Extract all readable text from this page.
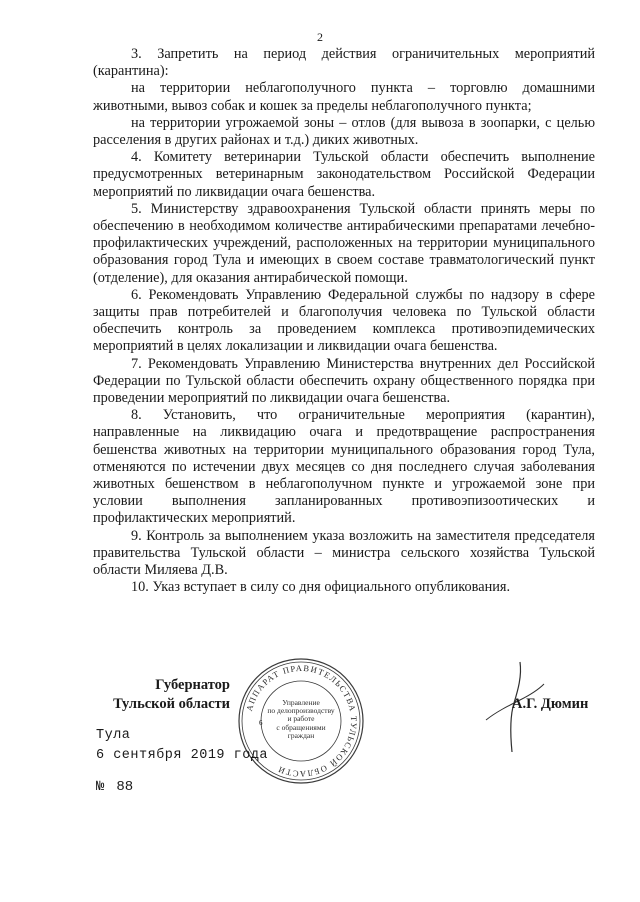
2

3. Запретить на период действия ограничительных мероприятий (карантина):

на территории неблагополучного пункта – торговлю домашними животными, вывоз собак и кошек за пределы неблагополучного пункта;

на территории угрожаемой зоны – отлов (для вывоза в зоопарки, с целью расселения в других районах и т.д.) диких животных.

4. Комитету ветеринарии Тульской области обеспечить выполнение предусмотренных ветеринарным законодательством Российской Федерации мероприятий по ликвидации очага бешенства.

5. Министерству здравоохранения Тульской области принять меры по обеспечению в необходимом количестве антирабическими препаратами лечебно-профилактических учреждений, расположенных на территории муниципального образования город Тула и имеющих в своем составе травматологический пункт (отделение), для оказания антирабической помощи.

6. Рекомендовать Управлению Федеральной службы по надзору в сфере защиты прав потребителей и благополучия человека по Тульской области обеспечить контроль за проведением комплекса противоэпидемических мероприятий в целях локализации и ликвидации очага бешенства.

7. Рекомендовать Управлению Министерства внутренних дел Российской Федерации по Тульской области обеспечить охрану общественного порядка при проведении мероприятий по ликвидации очага бешенства.

8. Установить, что ограничительные мероприятия (карантин), направленные на ликвидацию очага и предотвращение распространения бешенства животных на территории муниципального образования город Тула, отменяются по истечении двух месяцев со дня последнего случая заболевания животных бешенством в неблагополучном пункте и угрожаемой зоне при условии выполнения запланированных противоэпизоотических и профилактических мероприятий.

9. Контроль за выполнением указа возложить на заместителя председателя правительства Тульской области – министра сельского хозяйства Тульской области Миляева Д.В.

10. Указ вступает в силу со дня официального опубликования.

АППАРАТ ПРАВИТЕЛЬСТВА ТУЛЬСКОЙ ОБЛАСТИ
6
Управление
по делопроизводству
и работе
с обращениями
граждан
Губернатор
Тульской области	А.Г. Дюмин
Тула
6 сентября 2019 года
№ 88
